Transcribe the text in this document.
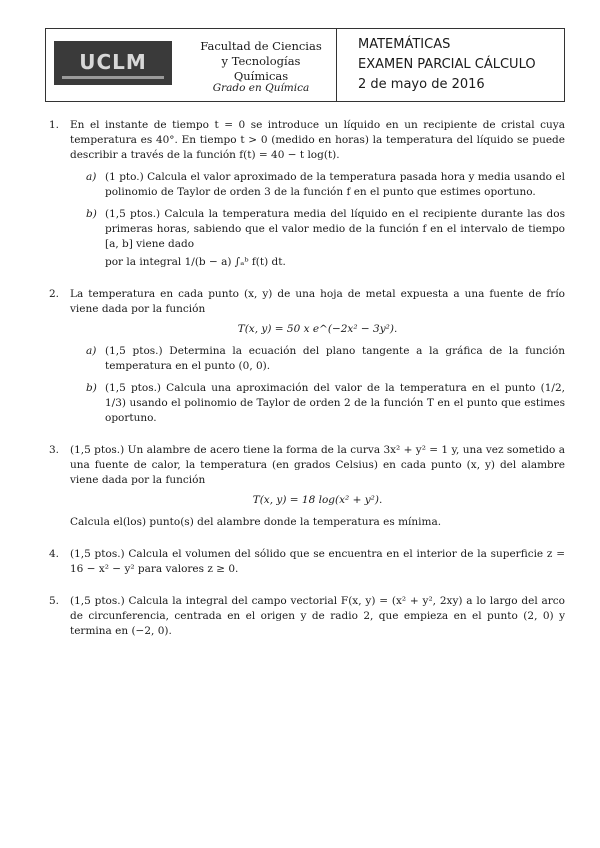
UCLM
Facultad de Ciencias
y Tecnologías Químicas
Grado en Química
MATEMÁTICAS
EXAMEN PARCIAL CÁLCULO
2 de mayo de 2016
1. En el instante de tiempo t = 0 se introduce un líquido en un recipiente de cristal cuya temperatura es 40°. En tiempo t > 0 (medido en horas) la temperatura del líquido se puede describir a través de la función f(t) = 40 − t log(t).

a) (1 pto.) Calcula el valor aproximado de la temperatura pasada hora y media usando el polinomio de Taylor de orden 3 de la función f en el punto que estimes oportuno.

b) (1,5 ptos.) Calcula la temperatura media del líquido en el recipiente durante las dos primeras horas, sabiendo que el valor medio de la función f en el intervalo de tiempo [a, b] viene dado

por la integral 1/(b − a) ∫ₐᵇ f(t) dt.

2. La temperatura en cada punto (x, y) de una hoja de metal expuesta a una fuente de frío viene dada por la función

T(x, y) = 50 x e^(−2x² − 3y²).
a) (1,5 ptos.) Determina la ecuación del plano tangente a la gráfica de la función temperatura en el punto (0, 0).

b) (1,5 ptos.) Calcula una aproximación del valor de la temperatura en el punto (1/2, 1/3) usando el polinomio de Taylor de orden 2 de la función T en el punto que estimes oportuno.

3. (1,5 ptos.) Un alambre de acero tiene la forma de la curva 3x² + y² = 1 y, una vez sometido a una fuente de calor, la temperatura (en grados Celsius) en cada punto (x, y) del alambre viene dada por la función

T(x, y) = 18 log(x² + y²).

Calcula el(los) punto(s) del alambre donde la temperatura es mínima.

4. (1,5 ptos.) Calcula el volumen del sólido que se encuentra en el interior de la superficie z = 16 − x² − y² para valores z ≥ 0.

5. (1,5 ptos.) Calcula la integral del campo vectorial F(x, y) = (x² + y², 2xy) a lo largo del arco de circunferencia, centrada en el origen y de radio 2, que empieza en el punto (2, 0) y termina en (−2, 0).
